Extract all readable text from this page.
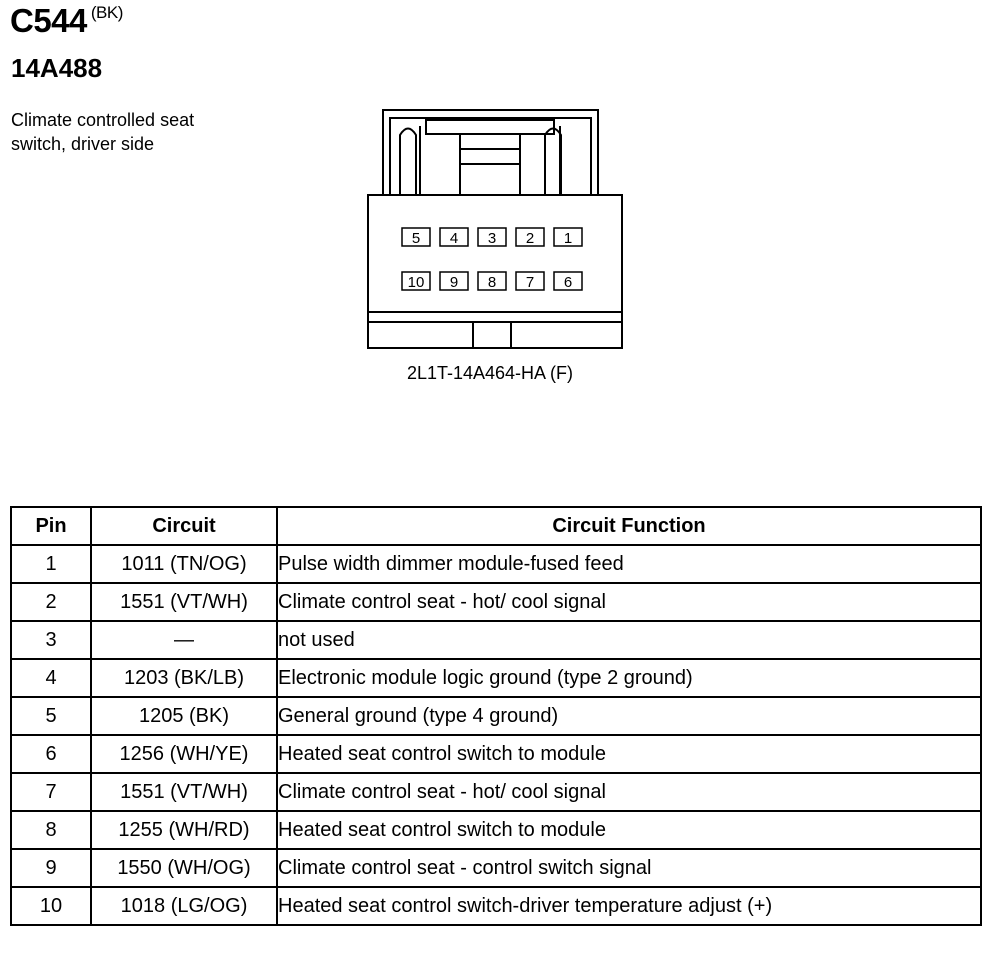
C544 $^{(BK)}$
14A488
Climate controlled seat
switch, driver side
5 4 3 2 1
10 9 8 7 6
2L1T-14A464-HA (F)
Pin	Circuit	Circuit Function
1	1011 (TN/OG)	Pulse width dimmer module-fused feed
2	1551 (VT/WH)	Climate control seat - hot/ cool signal
3	—	not used
4	1203 (BK/LB)	Electronic module logic ground (type 2 ground)
5	1205 (BK)	General ground (type 4 ground)
6	1256 (WH/YE)	Heated seat control switch to module
7	1551 (VT/WH)	Climate control seat - hot/ cool signal
8	1255 (WH/RD)	Heated seat control switch to module
9	1550 (WH/OG)	Climate control seat - control switch signal
10	1018 (LG/OG)	Heated seat control switch-driver temperature adjust (+)
